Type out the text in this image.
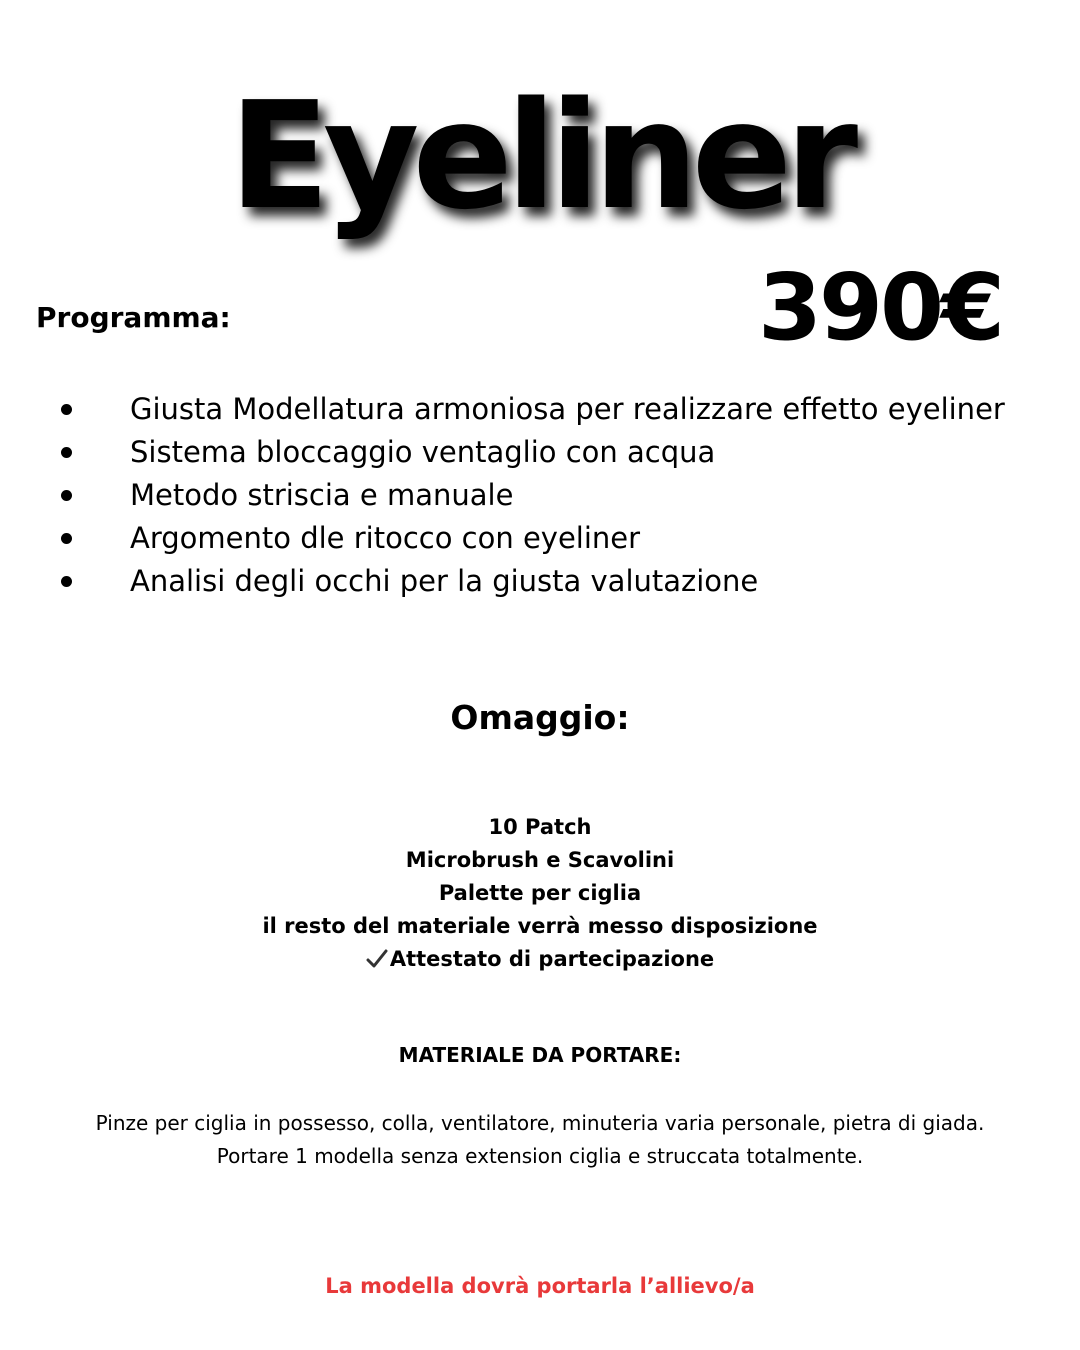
Eyeliner
390€
Programma:
Giusta Modellatura armoniosa per realizzare effetto eyeliner
Sistema bloccaggio ventaglio con acqua
Metodo striscia e manuale
Argomento dle ritocco con eyeliner
Analisi degli occhi per la giusta valutazione
Omaggio:
10 Patch
Microbrush e Scavolini
Palette per ciglia
il resto del materiale verrà messo disposizione
Attestato di partecipazione
MATERIALE DA PORTARE:
Pinze per ciglia in possesso, colla, ventilatore, minuteria varia personale, pietra di giada.
Portare 1 modella senza extension ciglia e struccata totalmente.
La modella dovrà portarla l’allievo/a
